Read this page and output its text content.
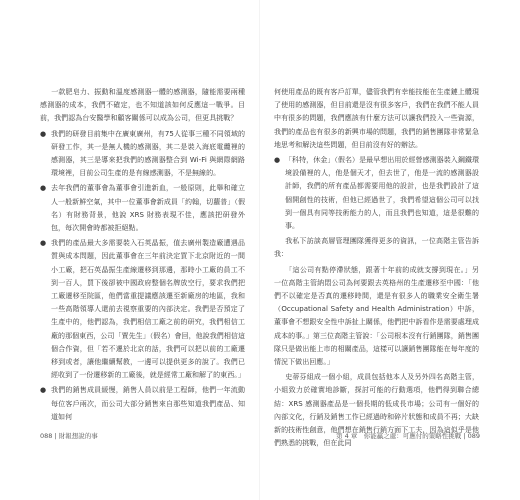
一款肥皂力、振動和溫度感測器一體的感測器，隨能需要兩種感測器的成本，我們不確定，也不知道該如何反應這一戰爭。目前，我們認為台安醫學和顧客關係可以成為公司，但更具挑戰？

● 我們的研發目前集中在廣東廣州，有75人從事三種不同領域的研發工作，其一是無人機的感測器，其二是裝入海底電纜裡的感測器，其三是導來把我們的感測器整合到 Wi-Fi 與網際網路環境裡，目前公司生產的是有線感測器，不是無線的。
● 去年我們的董事會為董事會引進新血，一般原則，此舉和確立人一般新鮮空氣，其中一位董事會新成員「約翰，切蘿普」（假名）有財務背景，他說 XRS 財務表現不佳，應該把研發外包，每次開會時都被拒絕點。
● 我們的產品最大多需要裝入石英晶振，值去廣州製造廠遭遇品質與成本問題，因此董事會在三年前決定買下北京附近的一間小工廠，把石英晶振生產線遷移到那邊，那時小工廠的員工不到一百人，買下後卻被中國政府整個名牌放空行，要求我們把工廠遷移至院區，他們當重提議應該遷至新廠房的地區，我和一些高階領導人還前去視察重要的內部決定。我們是否預定了生產中的，他們認為，我們相信工廠之前的研究，我們相信工廠的那個東西，公司「賈先生」（假名）會回，他說我們相信這個合作資，但「若不遷於北京的話，我們可以把以前的工廠遷移到或者，讓他繼續幫教，一邊可以提供更多的說了。我們已經收到了一份遷移新的工廠後，就是經常工廠和解了的東西。」
● 我們的銷售成員緩慢，銷售人員以前是工程師，他們一年流動每位客戶兩次，而公司大部分銷售來自那些知道我們產品、知道如何
088 | 財報想說的事

何使用產品的既有客戶訂單，儘管我們有幸能技能在生產鏈上體現了使用的感測器，但目前還是沒有很多客戶，我們在我們不能人員中有很多的問題，我們應該有什麼方法可以讓我們投入一些資源，我們的產品也有很多的新興市場的問題，我們的銷售團隊非常緊急地思考和解決這些問題，但目前沒有好的辦法。

● 「科特，休金」（假名）是最早想出用於經營感測器裝入鋼鐵環境設備裡的人，他是個天才，但去世了，他是一流的感測器設計師，我們的所有產品都需要用他的設計，也是我們設計了這個開創性的技術，但他已經過世了，我們希望這個公司可以找到一個具有同等技術能力的人，而且我們也知道，這是很難的事。

我私下訪談高層管理團隊獲得更多的資訊，一位高階主管告訴我：

「這公司有點停滯狀態，跟著十年前的成就支撐到現在。」另一位高階主管納悶公司為何要跟去英格州的生產遷移至中國：「他們不以確定是否真的遷移時間，還是有很多人的職業安全衛生署（Occupational Safety and Health Administration）中訴，董事會不想跟安全性中訴扯上關係，他們把中訴看作是需要處理成成本的事。」第三位高階主管說：「公司根本沒有行銷團隊，銷售團隊只是做出能上市的相關產品，這樣可以讓銷售團隊能在每年度的情況下做出回應。」

史蒂芬組成一個小組，成員包括他本人及另外四名高階主管，小組致力於確實地診斷，探討可能的行動選項，他們得到聯合總結：XRS 感測器產品是一個長期的低成長市場；公司有一個好的內部文化，行銷及銷售工作已經過時和碎片狀態和成員不再；大缺新的技術性創意，他們想在銷售行銷方面下工夫，因為這似乎是他們熟悉的挑戰，但在此同

第 4 章　你能贏之處：可應付的策略性挑戰 | 089
